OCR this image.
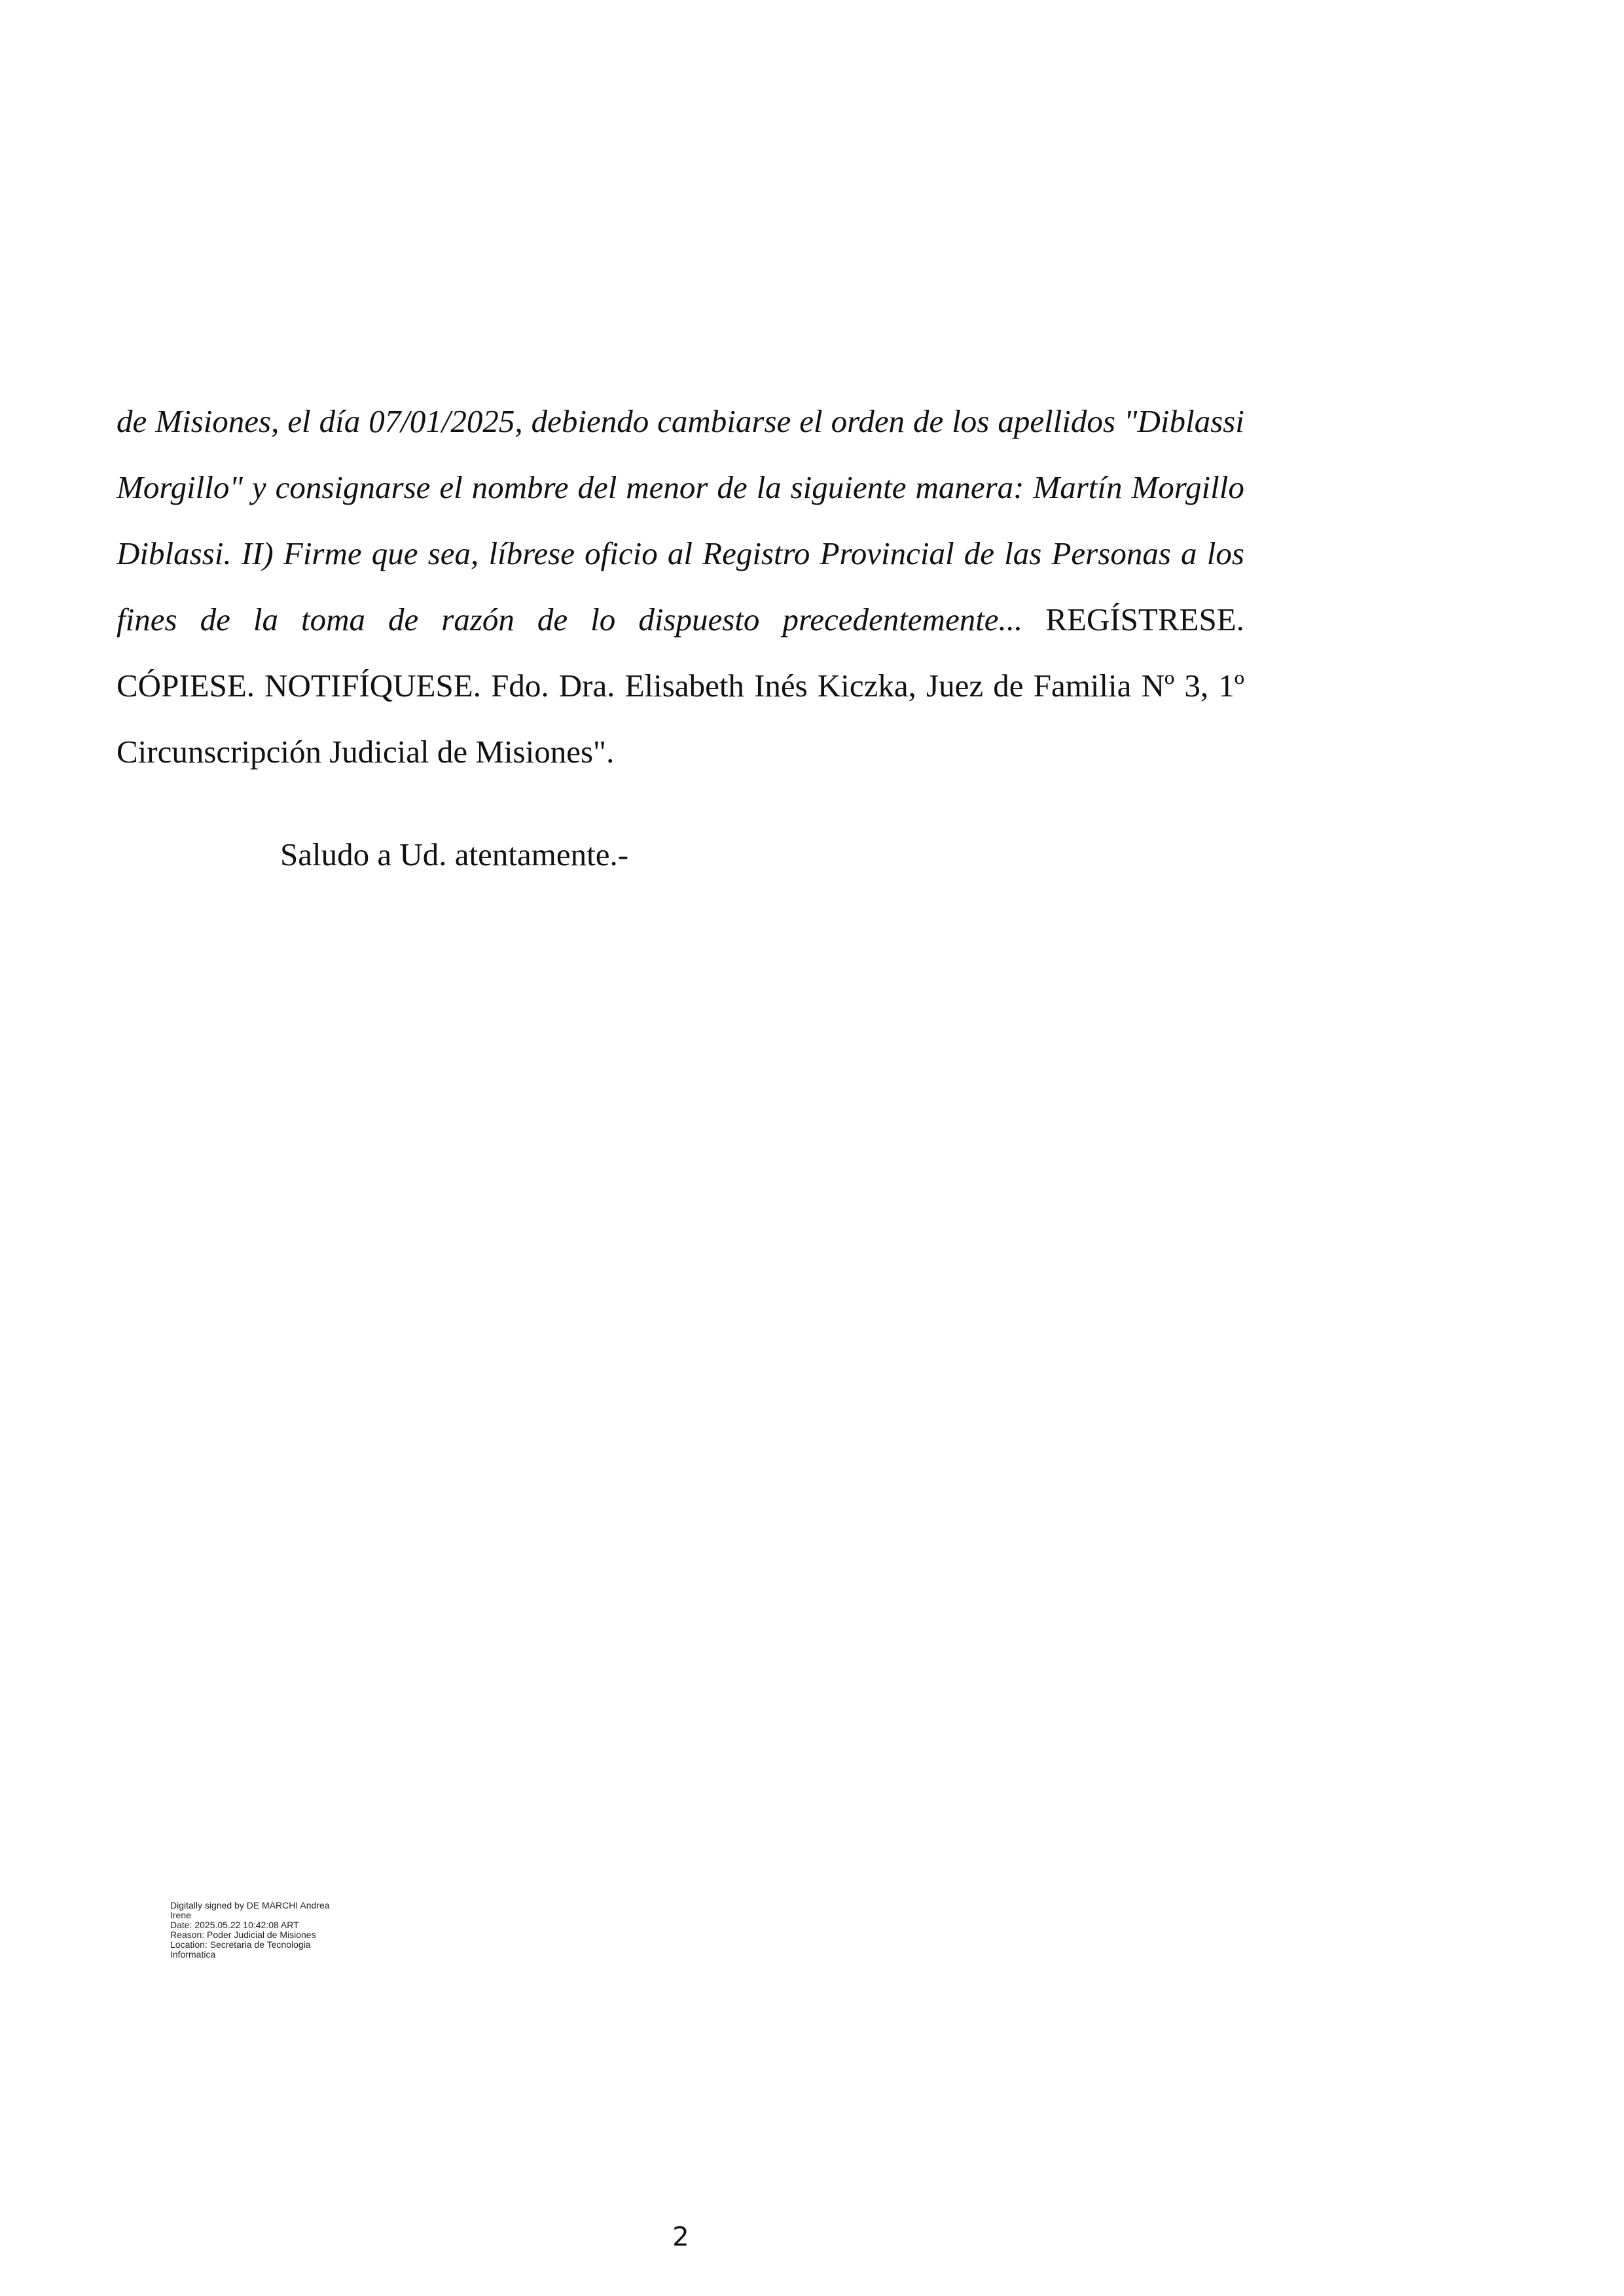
de Misiones, el día 07/01/2025, debiendo cambiarse el orden de los apellidos "Diblassi
Morgillo" y consignarse el nombre del menor de la siguiente manera: Martín Morgillo
Diblassi. II) Firme que sea, líbrese oficio al Registro Provincial de las Personas a los
fines de la toma de razón de lo dispuesto precedentemente... REGÍSTRESE.
CÓPIESE. NOTIFÍQUESE. Fdo. Dra. Elisabeth Inés Kiczka, Juez de Familia Nº 3, 1º
Circunscripción Judicial de Misiones".
Saludo a Ud. atentamente.-
Digitally signed by DE MARCHI Andrea
Irene
Date: 2025.05.22 10:42:08 ART
Reason: Poder Judicial de Misiones
Location: Secretaria de Tecnologia
Informatica
2
